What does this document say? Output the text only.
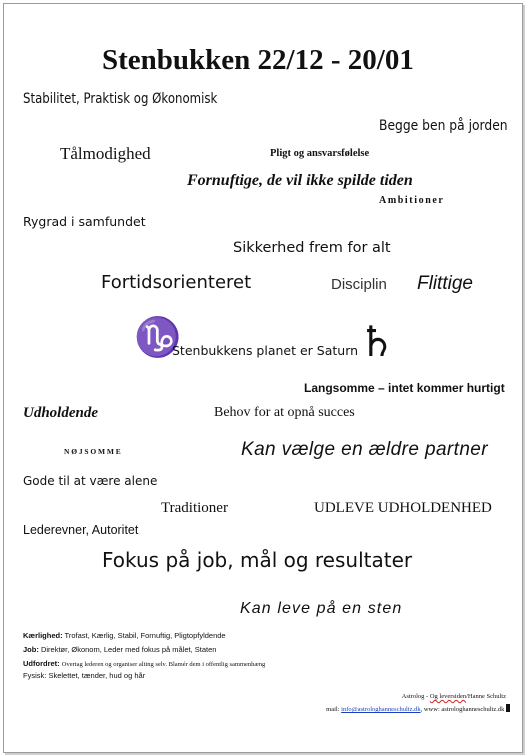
Stenbukken 22/12 - 20/01
Stabilitet, Praktisk og Økonomisk
Begge ben på jorden
Tålmodighed	Pligt og ansvarsfølelse
Fornuftige, de vil ikke spilde tiden
Ambitioner
Rygrad i samfundet
Sikkerhed frem for alt
Fortidsorienteret	Disciplin Flittige
♑
Stenbukkens planet er Saturn ♄
Langsomme – intet kommer hurtigt
Udholdende	Behov for at opnå succes
NØJSOMME	Kan vælge en ældre partner
Gode til at være alene
Traditioner	UDLEVE UDHOLDENHED
Lederevner, Autoritet
Fokus på job, mål og resultater
Kan leve på en sten
Kærlighed: Trofast, Kærlig, Stabil, Fornuftig, Pligtopfyldende
Job: Direktør, Økonom, Leder med fokus på målet, Staten
Udfordret: Overtag lederen og organiser alting selv. Blamér dem i offentlig sammenhæng
Fysisk: Skelettet, tænder, hud og hår
Astrolog - Og leversiden/Hanne Schultz
mail: info@astrologhanneschultz.dk, www: astrologhanneschultz.dk
